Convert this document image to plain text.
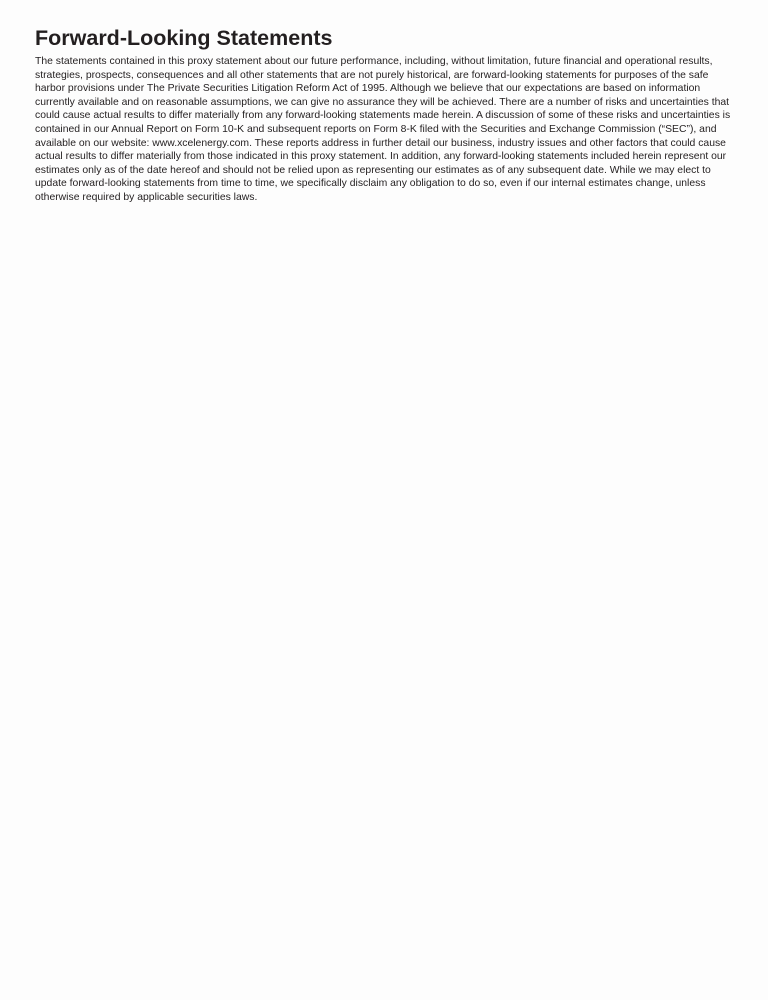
Forward-Looking Statements

The statements contained in this proxy statement about our future performance, including, without limitation, future financial and operational results, strategies, prospects, consequences and all other statements that are not purely historical, are forward-looking statements for purposes of the safe harbor provisions under The Private Securities Litigation Reform Act of 1995. Although we believe that our expectations are based on information currently available and on reasonable assumptions, we can give no assurance they will be achieved. There are a number of risks and uncertainties that could cause actual results to differ materially from any forward-looking statements made herein. A discussion of some of these risks and uncertainties is contained in our Annual Report on Form 10-K and subsequent reports on Form 8-K filed with the Securities and Exchange Commission (“SEC”), and available on our website: www.xcelenergy.com. These reports address in further detail our business, industry issues and other factors that could cause actual results to differ materially from those indicated in this proxy statement. In addition, any forward-looking statements included herein represent our estimates only as of the date hereof and should not be relied upon as representing our estimates as of any subsequent date. While we may elect to update forward-looking statements from time to time, we specifically disclaim any obligation to do so, even if our internal estimates change, unless otherwise required by applicable securities laws.
